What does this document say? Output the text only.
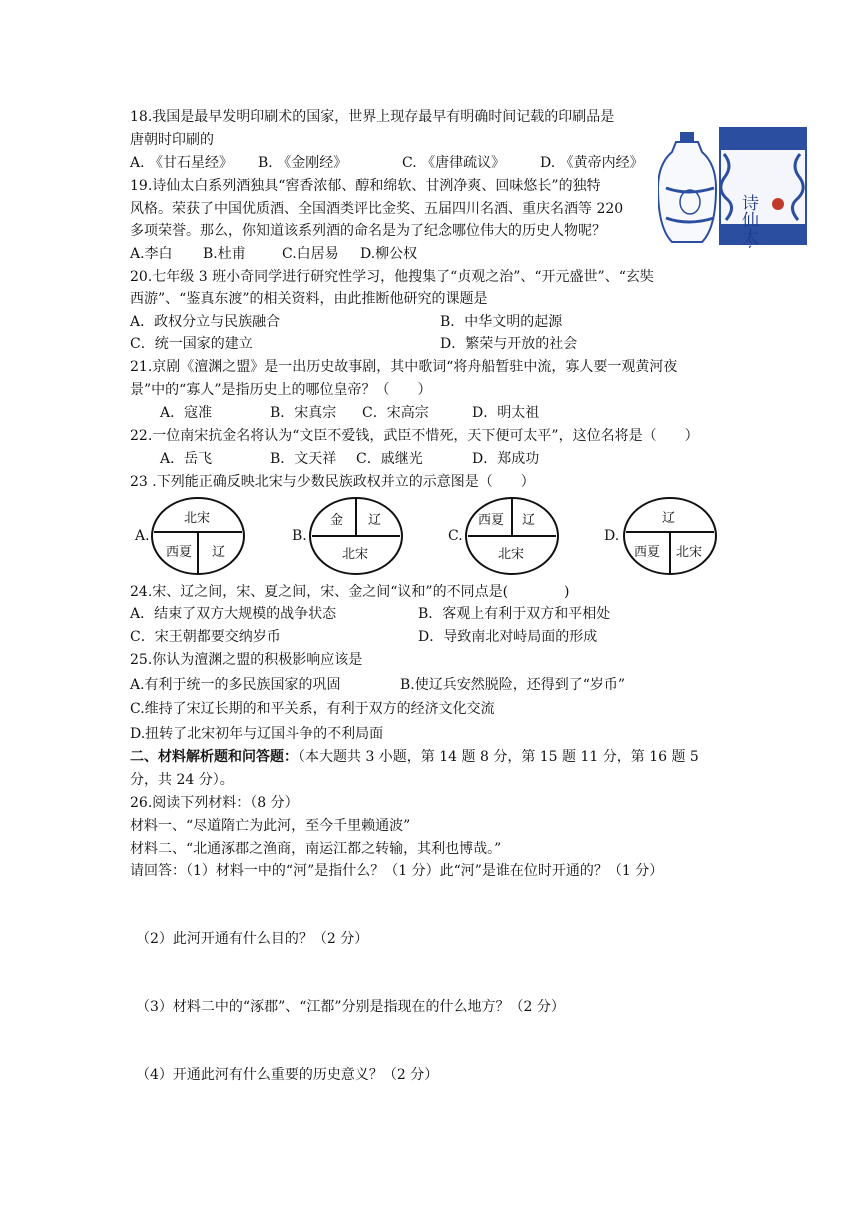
18.我国是最早发明印刷术的国家，世界上现存最早有明确时间记载的印刷品是
唐朝时印刷的
A. 《甘石星经》 B. 《金刚经》	C. 《唐律疏议》 D. 《黄帝内经》
19.诗仙太白系列酒独具“窖香浓郁、醇和绵软、甘洌净爽、回味悠长”的独特
风格。荣获了中国优质酒、全国酒类评比金奖、五届四川名酒、重庆名酒等 220
多项荣誉。那么，你知道该系列酒的命名是为了纪念哪位伟大的历史人物呢？
A.李白 B.杜甫	C.白居易 D.柳公权	诗仙太白
20.七年级 3 班小奇同学进行研究性学习，他搜集了“贞观之治”、“开元盛世”、“玄奘
西游”、“鉴真东渡”的相关资料，由此推断他研究的课题是
A．政权分立与民族融合	B．中华文明的起源
C．统一国家的建立	D．繁荣与开放的社会
21.京剧《澶渊之盟》是一出历史故事剧，其中歌词“将舟船暂驻中流，寡人要一观黄河夜
景”中的“寡人”是指历史上的哪位皇帝？（　　）
A．寇准	B．宋真宗 C．宋高宗	D．明太祖
22.一位南宋抗金名将认为“文臣不爱钱，武臣不惜死，天下便可太平”，这位名将是（　　）
A．岳飞	B．文天祥 C．戚继光	D．郑成功
23 .下列能正确反映北宋与少数民族政权并立的示意图是（　　）
A.
北宋
西夏 辽
B.
金 辽
北宋
C.
西夏 辽
北宋
D.
辽
西夏 北宋
24.宋、辽之间，宋、夏之间，宋、金之间“议和”的不同点是(　　　　)
A．结束了双方大规模的战争状态	B．客观上有利于双方和平相处
C．宋王朝都要交纳岁币	D．导致南北对峙局面的形成
25.你认为澶渊之盟的积极影响应该是
A.有利于统一的多民族国家的巩固	B.使辽兵安然脱险，还得到了“岁币”
C.维持了宋辽长期的和平关系，有利于双方的经济文化交流
D.扭转了北宋初年与辽国斗争的不利局面
二、材料解析题和问答题：（本大题共 3 小题，第 14 题 8 分，第 15 题 11 分，第 16 题 5
分，共 24 分）。
26.阅读下列材料：（8 分）
材料一、“尽道隋亡为此河，至今千里赖通波”
材料二、“北通涿郡之渔商，南运江都之转输，其利也博哉。”
请回答：（1）材料一中的“河”是指什么？（1 分）此“河”是谁在位时开通的？（1 分）
（2）此河开通有什么目的？（2 分）
（3）材料二中的“涿郡”、“江都”分别是指现在的什么地方？（2 分）
（4）开通此河有什么重要的历史意义？（2 分）
